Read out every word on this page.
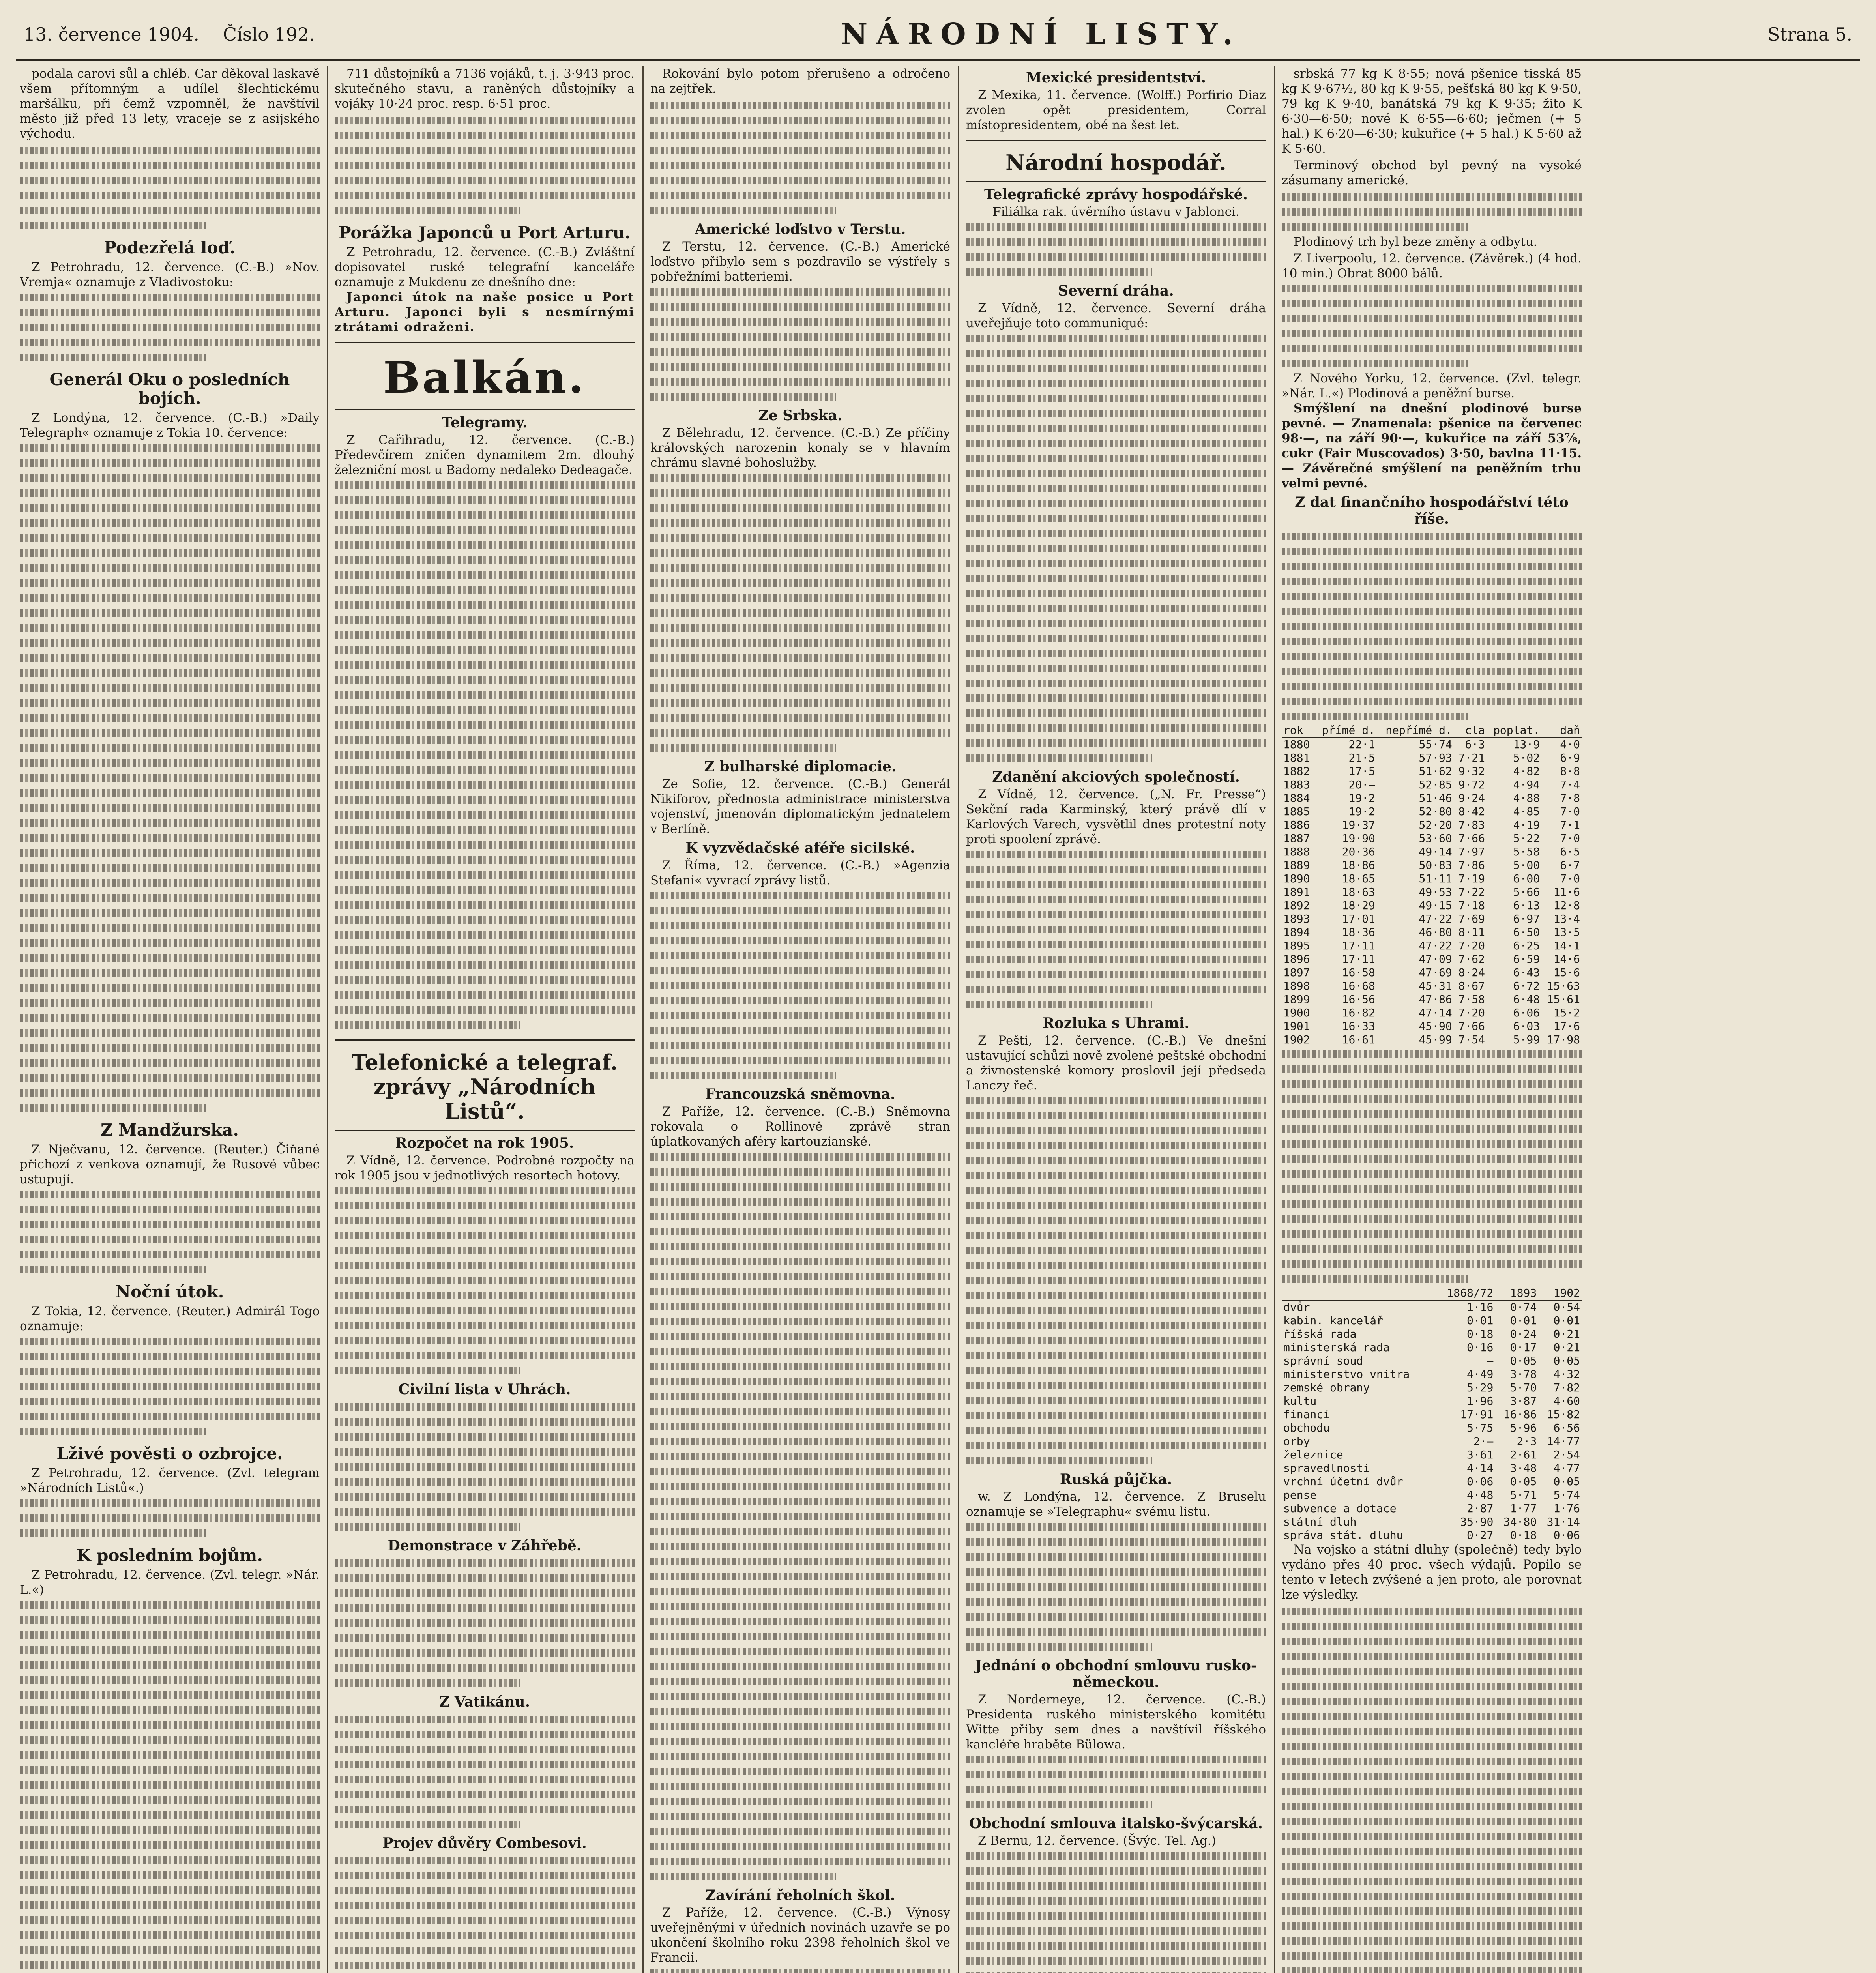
13. července 1904. Číslo 192.	NÁRODNÍ LISTY.	Strana 5.

podala carovi sůl a chléb. Car děkoval laskavě všem přítomným a udílel šlechtickému maršálku, při čemž vzpomněl, že navštívil město již před 13 lety, vraceje se z asijského východu.

Podezřelá loď.

Z Petrohradu, 12. července. (C.-B.) »Nov. Vremja« oznamuje z Vladivostoku:

Generál Oku o posledních bojích.

Z Londýna, 12. července. (C.-B.) »Daily Telegraph« oznamuje z Tokia 10. července:

Z Mandžurska.

Z Nječvanu, 12. července. (Reuter.) Čiňané přichozí z venkova oznamují, že Rusové vůbec ustupují.

Noční útok.

Z Tokia, 12. července. (Reuter.) Admirál Togo oznamuje:

Lživé pověsti o ozbrojce.

Z Petrohradu, 12. července. (Zvl. telegram »Národních Listů«.)

K posledním bojům.

Z Petrohradu, 12. července. (Zvl. telegr. »Nár. L.«)

711 důstojníků a 7136 vojáků, t. j. 3·943 proc. skutečného stavu, a raněných důstojníky a vojáky 10·24 proc. resp. 6·51 proc.

Porážka Japonců u Port Arturu.

Z Petrohradu, 12. července. (C.-B.) Zvláštní dopisovatel ruské telegrafní kanceláře oznamuje z Mukdenu ze dnešního dne:

Japonci útok na naše posice u Port Arturu. Japonci byli s nesmírnými ztrátami odraženi.

Balkán.
Telegramy.

Z Cařihradu, 12. července. (C.-B.) Předevčírem zničen dynamitem 2m. dlouhý železniční most u Badomy nedaleko Dedeagače.

Telefonické a telegraf. zprávy „Národních Listů“.
Rozpočet na rok 1905.

Z Vídně, 12. července. Podrobné rozpočty na rok 1905 jsou v jednotlivých resortech hotovy.

Civilní lista v Uhrách.
Demonstrace v Záhřebě.
Z Vatikánu.
Projev důvěry Combesovi.

Rokování bylo potom přerušeno a odročeno na zejtřek.

Americké loďstvo v Terstu.

Z Terstu, 12. července. (C.-B.) Americké loďstvo přibylo sem s pozdravilo se výstřely s pobřežními batteriemi.

Ze Srbska.

Z Bělehradu, 12. července. (C.-B.) Ze příčiny královských narozenin konaly se v hlavním chrámu slavné bohoslužby.

Z bulharské diplomacie.

Ze Sofie, 12. července. (C.-B.) Generál Nikiforov, přednosta administrace ministerstva vojenství, jmenován diplomatickým jednatelem v Berlíně.

K vyzvědačské aféře sicilské.

Z Říma, 12. července. (C.-B.) »Agenzia Stefani« vyvrací zprávy listů.

Francouzská sněmovna.

Z Paříže, 12. července. (C.-B.) Sněmovna rokovala o Rollinově zprávě stran úplatkovaných aféry kartouzianské.

Zavírání řeholních škol.

Z Paříže, 12. července. (C.-B.) Výnosy uveřejněnými v úředních novinách uzavře se po ukončení školního roku 2398 řeholních škol ve Francii.

Mexické presidentství.

Z Mexika, 11. července. (Wolff.) Porfirio Diaz zvolen opět presidentem, Corral místopresidentem, obé na šest let.

Národní hospodář.
Telegrafické zprávy hospodářské.

Filiálka rak. úvěrního ústavu v Jablonci.

Severní dráha.

Z Vídně, 12. července. Severní dráha uveřejňuje toto communiqué:

Zdanění akciových společností.

Z Vídně, 12. července. („N. Fr. Presse“) Sekční rada Karminský, který právě dlí v Karlových Varech, vysvětlil dnes protestní noty proti spoolení zprávě.

Rozluka s Uhrami.

Z Pešti, 12. července. (C.-B.) Ve dnešní ustavující schůzi nově zvolené peštské obchodní a živnostenské komory proslovil její předseda Lanczy řeč.

Ruská půjčka.

w. Z Londýna, 12. července. Z Bruselu oznamuje se »Telegraphu« svému listu.

Jednání o obchodní smlouvu rusko-německou.

Z Norderneye, 12. července. (C.-B.) Presidenta ruského ministerského komitétu Witte přiby sem dnes a navštívil říšského kancléře hraběte Bülowa.

Obchodní smlouva italsko-švýcarská.

Z Bernu, 12. července. (Švýc. Tel. Ag.)

srbská 77 kg K 8·55; nová pšenice tisská 85 kg K 9·67½, 80 kg K 9·55, pešťská 80 kg K 9·50, 79 kg K 9·40, banátská 79 kg K 9·35; žito K 6·30—6·50; nové K 6·55—6·60; ječmen (+ 5 hal.) K 6·20—6·30; kukuřice (+ 5 hal.) K 5·60 až K 5·60.

Terminový obchod byl pevný na vysoké zásumany americké.

Plodinový trh byl beze změny a odbytu.

Z Liverpoolu, 12. července. (Závěrek.) (4 hod. 10 min.) Obrat 8000 bálů.

Z Nového Yorku, 12. července. (Zvl. telegr. »Nár. L.«) Plodinová a peněžní burse.

Smýšlení na dnešní plodinové burse pevné. — Znamenala: pšenice na červenec 98·—, na září 90·—, kukuřice na září 53⅞, cukr (Fair Muscovados) 3·50, bavlna 11·15. — Závěrečné smýšlení na peněžním trhu velmi pevné.

Z dat finančního hospodářství této říše.
rok	přímé d.	nepřímé d.	cla	poplat.	daň
1880	22·1	55·74	6·3	13·9	4·0
1881	21·5	57·93	7·21	5·02	6·9
1882	17·5	51·62	9·32	4·82	8·8
1883	20·—	52·85	9·72	4·94	7·4
1884	19·2	51·46	9·24	4·88	7·8
1885	19·2	52·80	8·42	4·85	7·0
1886	19·37	52·20	7·83	4·19	7·1
1887	19·90	53·60	7·66	5·22	7·0
1888	20·36	49·14	7·97	5·58	6·5
1889	18·86	50·83	7·86	5·00	6·7
1890	18·65	51·11	7·19	6·00	7·0
1891	18·63	49·53	7·22	5·66	11·6
1892	18·29	49·15	7·18	6·13	12·8
1893	17·01	47·22	7·69	6·97	13·4
1894	18·36	46·80	8·11	6·50	13·5
1895	17·11	47·22	7·20	6·25	14·1
1896	17·11	47·09	7·62	6·59	14·6
1897	16·58	47·69	8·24	6·43	15·6
1898	16·68	45·31	8·67	6·72	15·63
1899	16·56	47·86	7·58	6·48	15·61
1900	16·82	47·14	7·20	6·06	15·2
1901	16·33	45·90	7·66	6·03	17·6
1902	16·61	45·99	7·54	5·99	17·98
	1868/72	1893	1902
dvůr	1·16	0·74	0·54
kabin. kancelář	0·01	0·01	0·01
říšská rada	0·18	0·24	0·21
ministerská rada	0·16	0·17	0·21
správní soud	—	0·05	0·05
ministerstvo vnitra	4·49	3·78	4·32
zemské obrany	5·29	5·70	7·82
kultu	1·96	3·87	4·60
financí	17·91	16·86	15·82
obchodu	5·75	5·96	6·56
orby	2·—	2·3	14·77
železnice	3·61	2·61	2·54
spravedlnosti	4·14	3·48	4·77
vrchní účetní dvůr	0·06	0·05	0·05
pense	4·48	5·71	5·74
subvence a dotace	2·87	1·77	1·76
státní dluh	35·90	34·80	31·14
správa stát. dluhu	0·27	0·18	0·06

Na vojsko a státní dluhy (společně) tedy bylo vydáno přes 40 proc. všech výdajů. Popilo se tento v letech zvýšené a jen proto, ale porovnat lze výsledky.
